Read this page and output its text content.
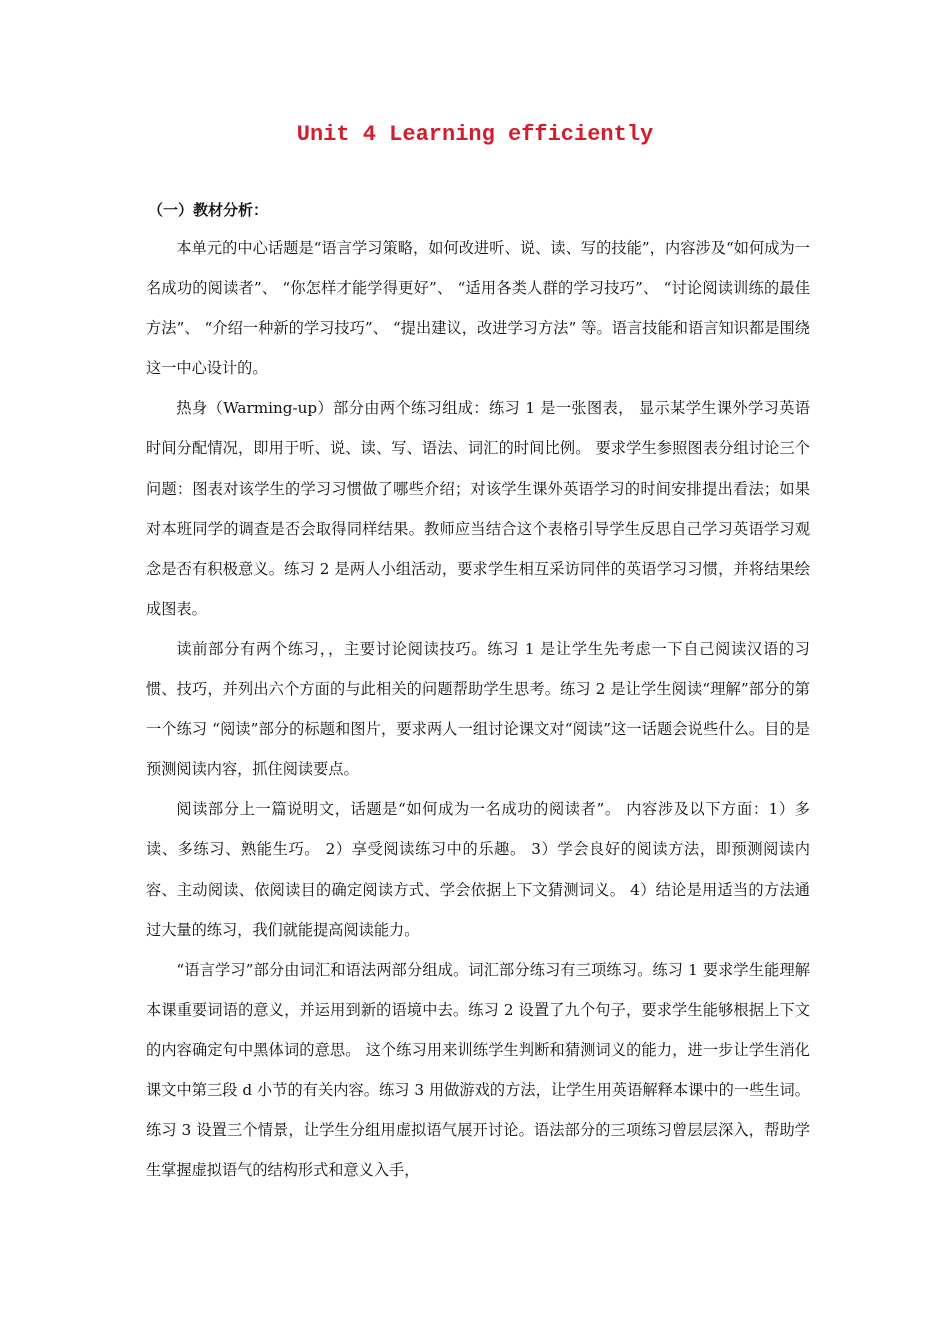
Unit 4 Learning efficiently
（一）教材分析：

本单元的中心话题是“语言学习策略，如何改进听、说、读、写的技能”，内容涉及“如何成为一名成功的阅读者”、 “你怎样才能学得更好”、 “适用各类人群的学习技巧”、 “讨论阅读训练的最佳方法”、 “介绍一种新的学习技巧”、 “提出建议，改进学习方法” 等。语言技能和语言知识都是围绕这一中心设计的。

热身（Warming-up）部分由两个练习组成：练习 1 是一张图表， 显示某学生课外学习英语时间分配情况，即用于听、说、读、写、语法、词汇的时间比例。 要求学生参照图表分组讨论三个问题：图表对该学生的学习习惯做了哪些介绍；对该学生课外英语学习的时间安排提出看法；如果对本班同学的调查是否会取得同样结果。教师应当结合这个表格引导学生反思自己学习英语学习观念是否有积极意义。练习 2 是两人小组活动，要求学生相互采访同伴的英语学习习惯，并将结果绘成图表。

读前部分有两个练习，，主要讨论阅读技巧。练习 1 是让学生先考虑一下自己阅读汉语的习惯、技巧，并列出六个方面的与此相关的问题帮助学生思考。练习 2 是让学生阅读“理解”部分的第一个练习 “阅读”部分的标题和图片，要求两人一组讨论课文对“阅读”这一话题会说些什么。目的是预测阅读内容，抓住阅读要点。

阅读部分上一篇说明文，话题是“如何成为一名成功的阅读者”。 内容涉及以下方面：1）多读、多练习、熟能生巧。 2）享受阅读练习中的乐趣。 3）学会良好的阅读方法，即预测阅读内容、主动阅读、依阅读目的确定阅读方式、学会依据上下文猜测词义。 4）结论是用适当的方法通过大量的练习，我们就能提高阅读能力。

“语言学习”部分由词汇和语法两部分组成。词汇部分练习有三项练习。练习 1 要求学生能理解本课重要词语的意义，并运用到新的语境中去。练习 2 设置了九个句子，要求学生能够根据上下文的内容确定句中黑体词的意思。 这个练习用来训练学生判断和猜测词义的能力，进一步让学生消化课文中第三段 d 小节的有关内容。练习 3 用做游戏的方法，让学生用英语解释本课中的一些生词。练习 3 设置三个情景，让学生分组用虚拟语气展开讨论。语法部分的三项练习曾层层深入，帮助学生掌握虚拟语气的结构形式和意义入手，
